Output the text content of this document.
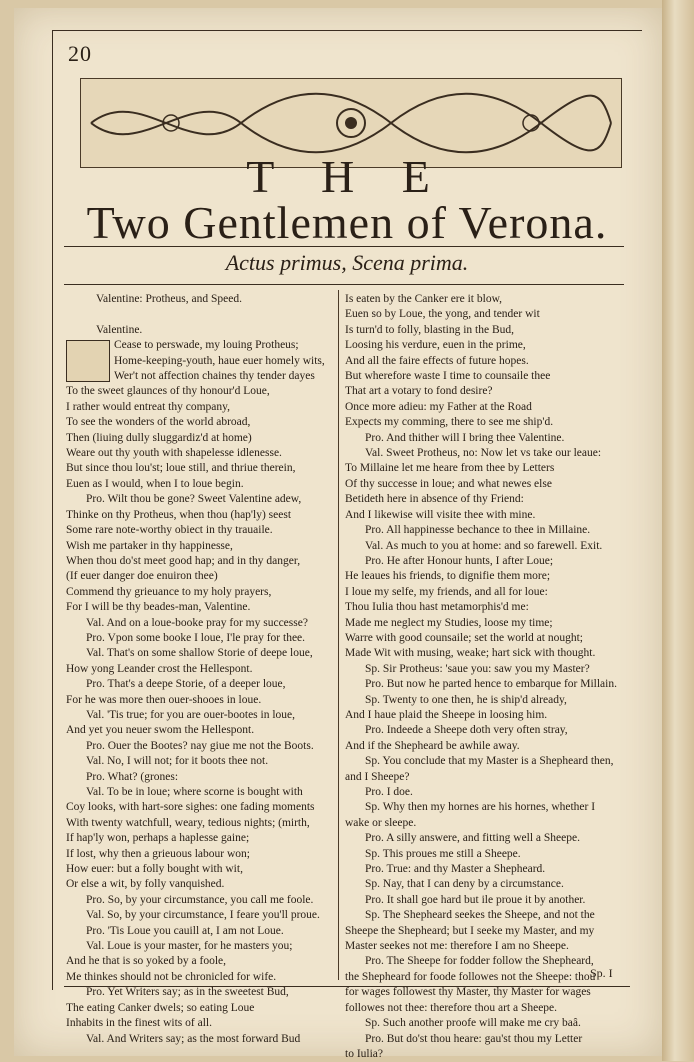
20
T H E
Two Gentlemen of Verona.
Actus primus, Scena prima.
Valentine: Protheus, and Speed.

Valentine.
Cease to perswade, my louing Protheus;
Home-keeping-youth, haue euer homely wits,
Wer't not affection chaines thy tender dayes
To the sweet glaunces of thy honour'd Loue,
I rather would entreat thy company,
To see the wonders of the world abroad,
Then (liuing dully sluggardiz'd at home)
Weare out thy youth with shapelesse idlenesse.
But since thou lou'st; loue still, and thriue therein,
Euen as I would, when I to loue begin.
Pro. Wilt thou be gone? Sweet Valentine adew,
Thinke on thy Protheus, when thou (hap'ly) seest
Some rare note-worthy obiect in thy trauaile.
Wish me partaker in thy happinesse,
When thou do'st meet good hap; and in thy danger,
(If euer danger doe enuiron thee)
Commend thy grieuance to my holy prayers,
For I will be thy beades-man, Valentine.
Val. And on a loue-booke pray for my successe?
Pro. Vpon some booke I loue, I'le pray for thee.
Val. That's on some shallow Storie of deepe loue,
How yong Leander crost the Hellespont.
Pro. That's a deepe Storie, of a deeper loue,
For he was more then ouer-shooes in loue.
Val. 'Tis true; for you are ouer-bootes in loue,
And yet you neuer swom the Hellespont.
Pro. Ouer the Bootes? nay giue me not the Boots.
Val. No, I will not; for it boots thee not.
Pro. What? (grones:
Val. To be in loue; where scorne is bought with
Coy looks, with hart-sore sighes: one fading moments
With twenty watchfull, weary, tedious nights; (mirth,
If hap'ly won, perhaps a haplesse gaine;
If lost, why then a grieuous labour won;
How euer: but a folly bought with wit,
Or else a wit, by folly vanquished.
Pro. So, by your circumstance, you call me foole.
Val. So, by your circumstance, I feare you'll proue.
Pro. 'Tis Loue you cauill at, I am not Loue.
Val. Loue is your master, for he masters you;
And he that is so yoked by a foole,
Me thinkes should not be chronicled for wife.
Pro. Yet Writers say; as in the sweetest Bud,
The eating Canker dwels; so eating Loue
Inhabits in the finest wits of all.
Val. And Writers say; as the most forward Bud
Is eaten by the Canker ere it blow,
Euen so by Loue, the yong, and tender wit
Is turn'd to folly, blasting in the Bud,
Loosing his verdure, euen in the prime,
And all the faire effects of future hopes.
But wherefore waste I time to counsaile thee
That art a votary to fond desire?
Once more adieu: my Father at the Road
Expects my comming, there to see me ship'd.
Pro. And thither will I bring thee Valentine.
Val. Sweet Protheus, no: Now let vs take our leaue:
To Millaine let me heare from thee by Letters
Of thy successe in loue; and what newes else
Betideth here in absence of thy Friend:
And I likewise will visite thee with mine.
Pro. All happinesse bechance to thee in Millaine.
Val. As much to you at home: and so farewell. Exit.
Pro. He after Honour hunts, I after Loue;
He leaues his friends, to dignifie them more;
I loue my selfe, my friends, and all for loue:
Thou Iulia thou hast metamorphis'd me:
Made me neglect my Studies, loose my time;
Warre with good counsaile; set the world at nought;
Made Wit with musing, weake; hart sick with thought.
Sp. Sir Protheus: 'saue you: saw you my Master?
Pro. But now he parted hence to embarque for Millain.
Sp. Twenty to one then, he is ship'd already,
And I haue plaid the Sheepe in loosing him.
Pro. Indeede a Sheepe doth very often stray,
And if the Shepheard be awhile away.
Sp. You conclude that my Master is a Shepheard then,
and I Sheepe?
Pro. I doe.
Sp. Why then my hornes are his hornes, whether I
wake or sleepe.
Pro. A silly answere, and fitting well a Sheepe.
Sp. This proues me still a Sheepe.
Pro. True: and thy Master a Shepheard.
Sp. Nay, that I can deny by a circumstance.
Pro. It shall goe hard but ile proue it by another.
Sp. The Shepheard seekes the Sheepe, and not the
Sheepe the Shepheard; but I seeke my Master, and my
Master seekes not me: therefore I am no Sheepe.
Pro. The Sheepe for fodder follow the Shepheard,
the Shepheard for foode followes not the Sheepe: thou
for wages followest thy Master, thy Master for wages
followes not thee: therefore thou art a Sheepe.
Sp. Such another proofe will make me cry baâ.
Pro. But do'st thou heare: gau'st thou my Letter
to Iulia?
Sp. I
